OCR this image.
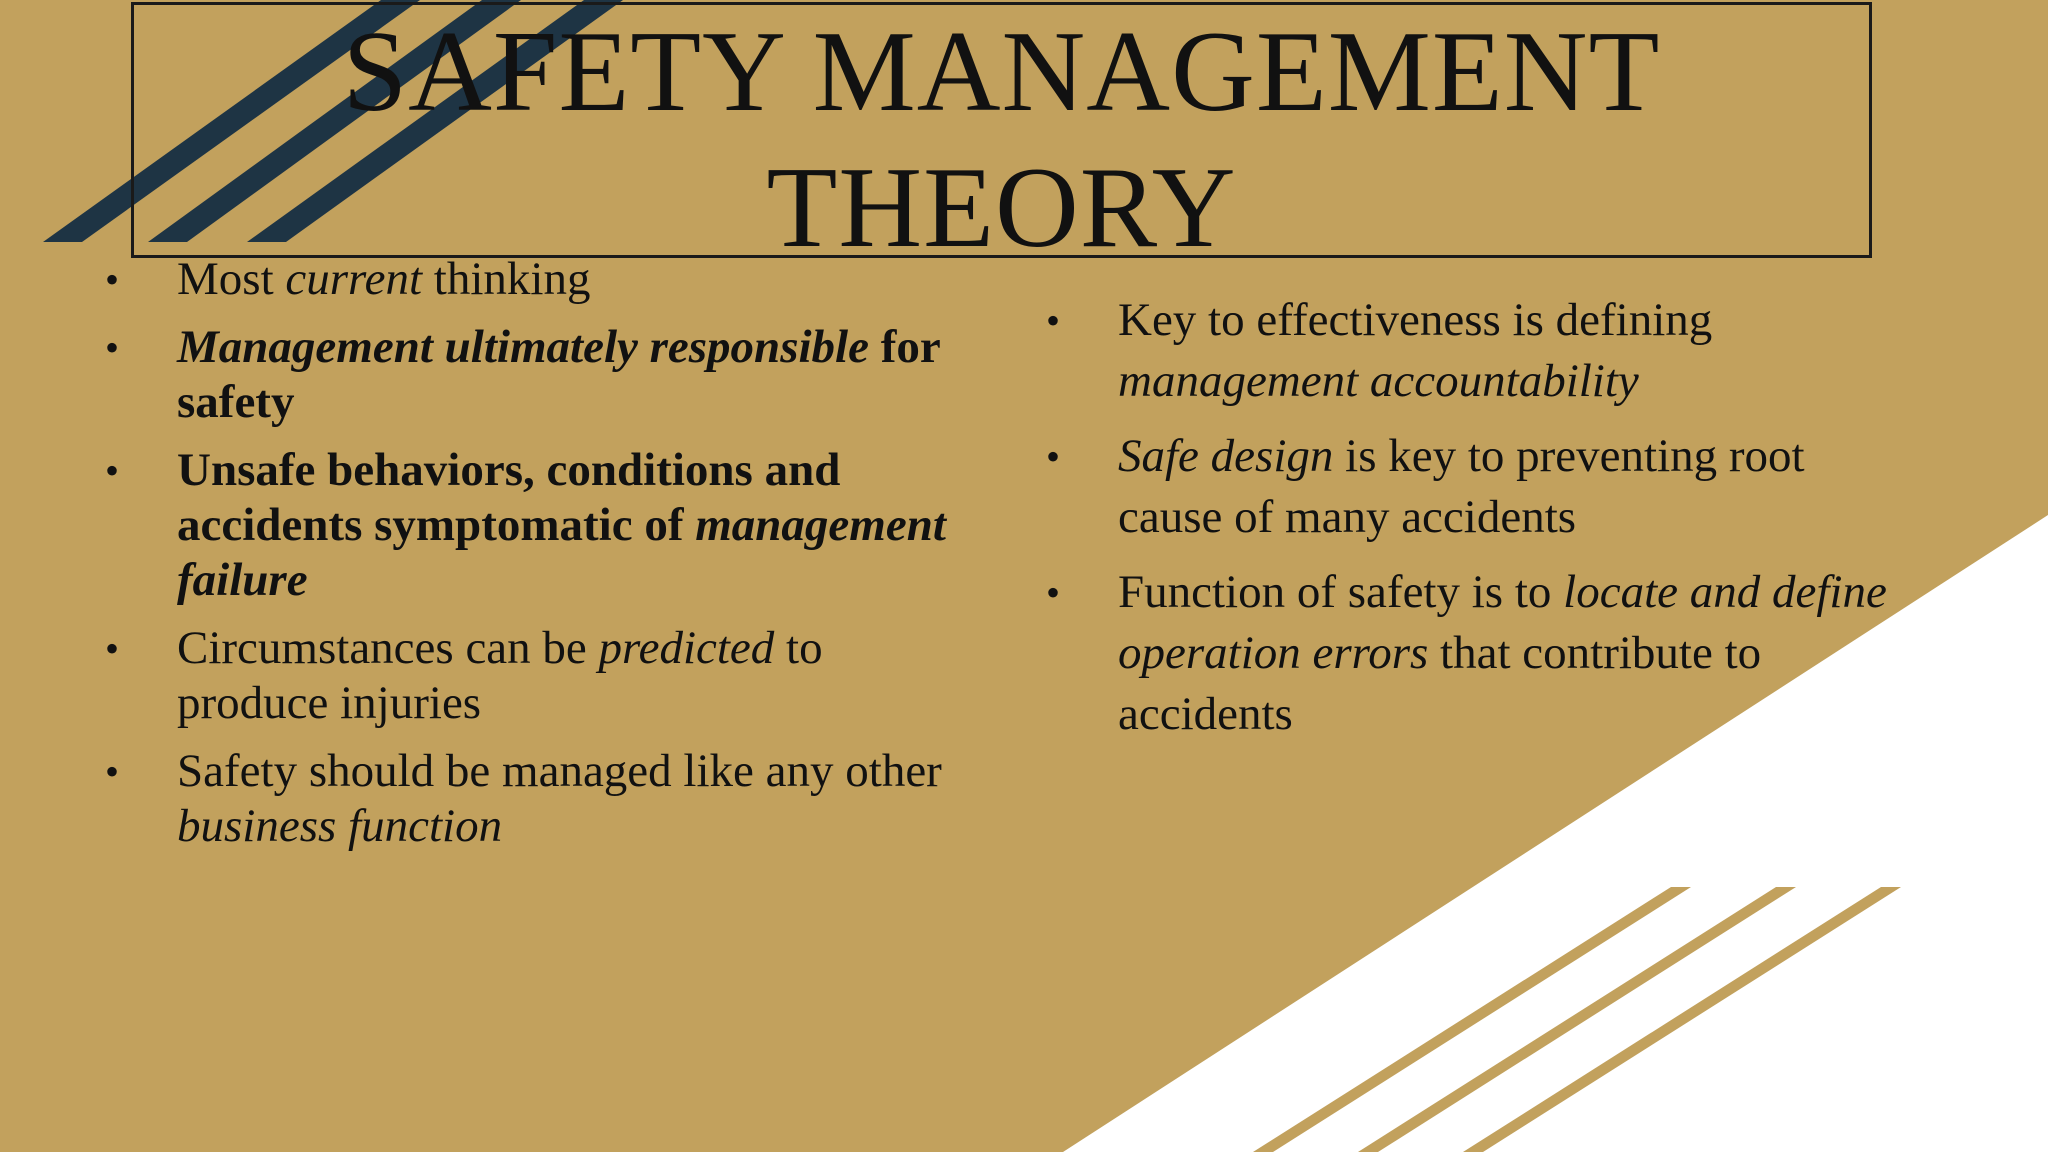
SAFETY MANAGEMENT
THEORY
• Most current thinking
• Management ultimately responsible for safety
• Unsafe behaviors, conditions and accidents symptomatic of management failure
• Circumstances can be predicted to produce injuries
• Safety should be managed like any other business function
• Key to effectiveness is defining management accountability
• Safe design is key to preventing root cause of many accidents
• Function of safety is to locate and define operation errors that contribute to accidents
